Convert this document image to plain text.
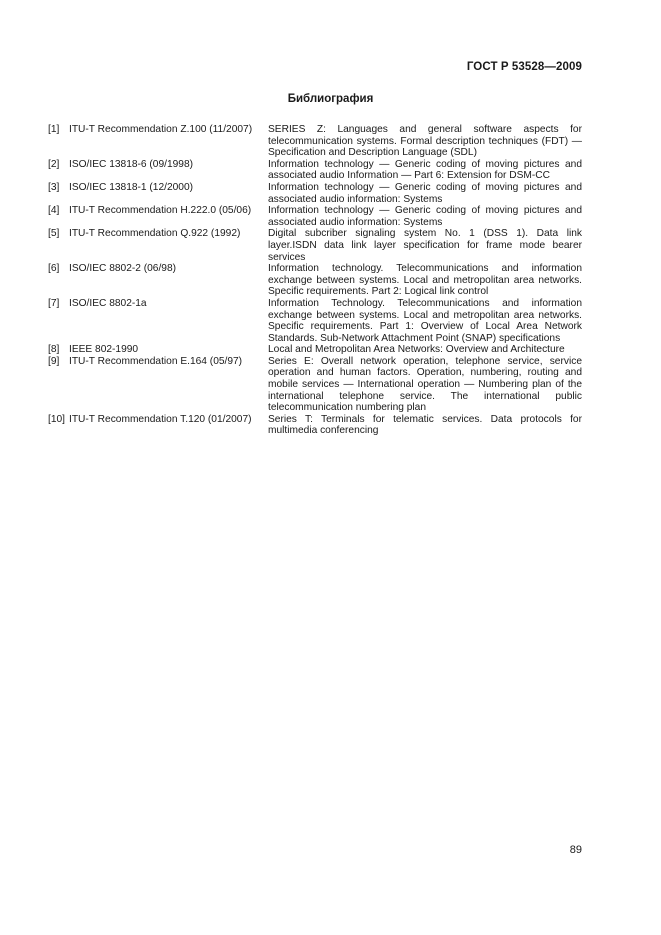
ГОСТ Р 53528—2009
Библиография
[1] ITU-T Recommendation Z.100 (11/2007)	SERIES Z: Languages and general software aspects for telecommunication systems. Formal description techniques (FDT) — Specification and Description Language (SDL)
[2] ISO/IEC 13818-6 (09/1998)	Information technology — Generic coding of moving pictures and associated audio Information — Part 6: Extension for DSM-CC
[3] ISO/IEC 13818-1 (12/2000)	Information technology — Generic coding of moving pictures and associated audio information: Systems
[4] ITU-T Recommendation H.222.0 (05/06)	Information technology — Generic coding of moving pictures and associated audio information: Systems
[5] ITU-T Recommendation Q.922 (1992)	Digital subcriber signaling system No. 1 (DSS 1). Data link layer.ISDN data link layer specification for frame mode bearer services
[6] ISO/IEC 8802-2 (06/98)	Information technology. Telecommunications and information exchange between systems. Local and metropolitan area networks. Specific requirements. Part 2: Logical link control
[7] ISO/IEC 8802-1a	Information Technology. Telecommunications and information exchange between systems. Local and metropolitan area networks. Specific requirements. Part 1: Overview of Local Area Network Standards. Sub-Network Attachment Point (SNAP) specifications
[8] IEEE 802-1990	Local and Metropolitan Area Networks: Overview and Architecture
[9] ITU-T Recommendation E.164 (05/97)	Series E: Overall network operation, telephone service, service operation and human factors. Operation, numbering, routing and mobile services — International operation — Numbering plan of the international telephone service. The international public telecommunication numbering plan
[10] ITU-T Recommendation T.120 (01/2007)	Series T: Terminals for telematic services. Data protocols for multimedia conferencing
89
